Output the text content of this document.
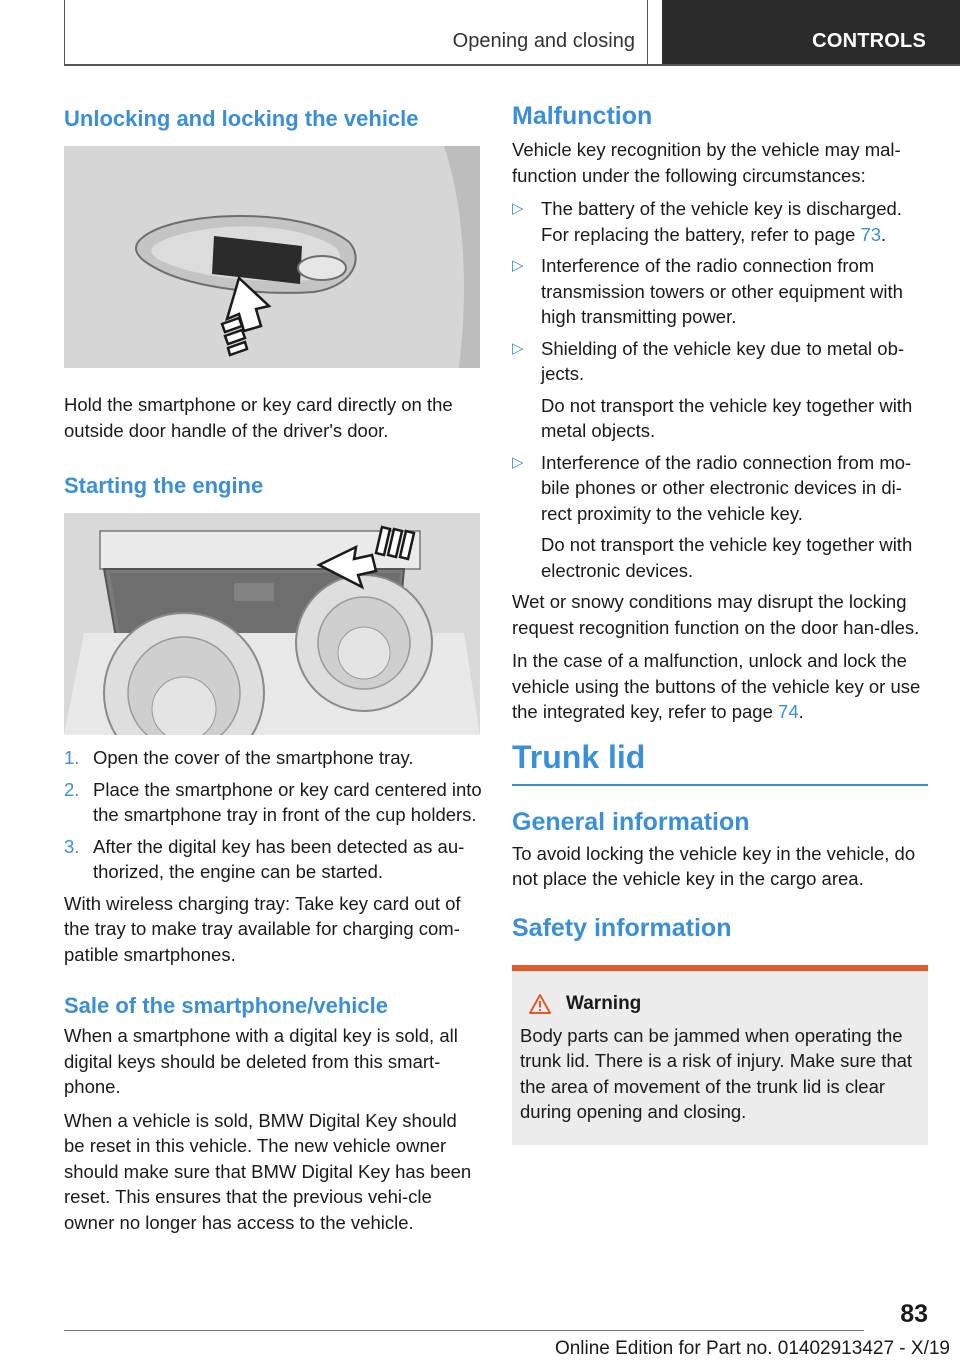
Opening and closing	CONTROLS
Unlocking and locking the vehicle

Hold the smartphone or key card directly on the outside door handle of the driver's door.

Starting the engine
1. Open the cover of the smartphone tray.
2. Place the smartphone or key card centered into the smartphone tray in front of the cup holders.
3. After the digital key has been detected as au-thorized, the engine can be started.

With wireless charging tray: Take key card out of the tray to make tray available for charging com-patible smartphones.

Sale of the smartphone/vehicle

When a smartphone with a digital key is sold, all digital keys should be deleted from this smart-phone.

When a vehicle is sold, BMW Digital Key should be reset in this vehicle. The new vehicle owner should make sure that BMW Digital Key has been reset. This ensures that the previous vehi-cle owner no longer has access to the vehicle.

Malfunction

Vehicle key recognition by the vehicle may mal-function under the following circumstances:

▷ The battery of the vehicle key is discharged. For replacing the battery, refer to page 73.
▷ Interference of the radio connection from transmission towers or other equipment with high transmitting power.
▷ Shielding of the vehicle key due to metal ob-jects.
Do not transport the vehicle key together with metal objects.
▷ Interference of the radio connection from mo-bile phones or other electronic devices in di-rect proximity to the vehicle key.
Do not transport the vehicle key together with electronic devices.

Wet or snowy conditions may disrupt the locking request recognition function on the door han-dles.

In the case of a malfunction, unlock and lock the vehicle using the buttons of the vehicle key or use the integrated key, refer to page 74.

Trunk lid
General information

To avoid locking the vehicle key in the vehicle, do not place the vehicle key in the cargo area.

Safety information
Warning

Body parts can be jammed when operating the trunk lid. There is a risk of injury. Make sure that the area of movement of the trunk lid is clear during opening and closing.

83
Online Edition for Part no. 01402913427 - X/19
